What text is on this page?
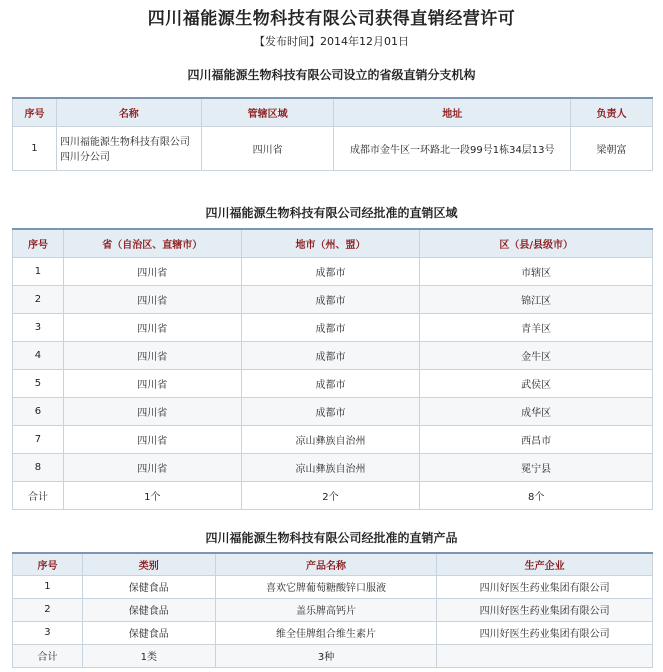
四川福能源生物科技有限公司获得直销经营许可
【发布时间】2014年12月01日
四川福能源生物科技有限公司设立的省级直销分支机构
序号	名称	管辖区域	地址	负责人
1	四川福能源生物科技有限公司四川分公司	四川省	成都市金牛区一环路北一段99号1栋34层13号	梁朝富
四川福能源生物科技有限公司经批准的直销区域
序号	省（自治区、直辖市）	地市（州、盟）	区（县/县级市）
1	四川省	成都市	市辖区
2	四川省	成都市	锦江区
3	四川省	成都市	青羊区
4	四川省	成都市	金牛区
5	四川省	成都市	武侯区
6	四川省	成都市	成华区
7	四川省	凉山彝族自治州	西昌市
8	四川省	凉山彝族自治州	冕宁县
合计	1个	2个	8个
四川福能源生物科技有限公司经批准的直销产品
序号	类别	产品名称	生产企业
1	保健食品	喜欢它牌葡萄糖酸锌口服液	四川好医生药业集团有限公司
2	保健食品	盖乐牌高钙片	四川好医生药业集团有限公司
3	保健食品	维全佳牌组合维生素片	四川好医生药业集团有限公司
合计	1类	3种	
